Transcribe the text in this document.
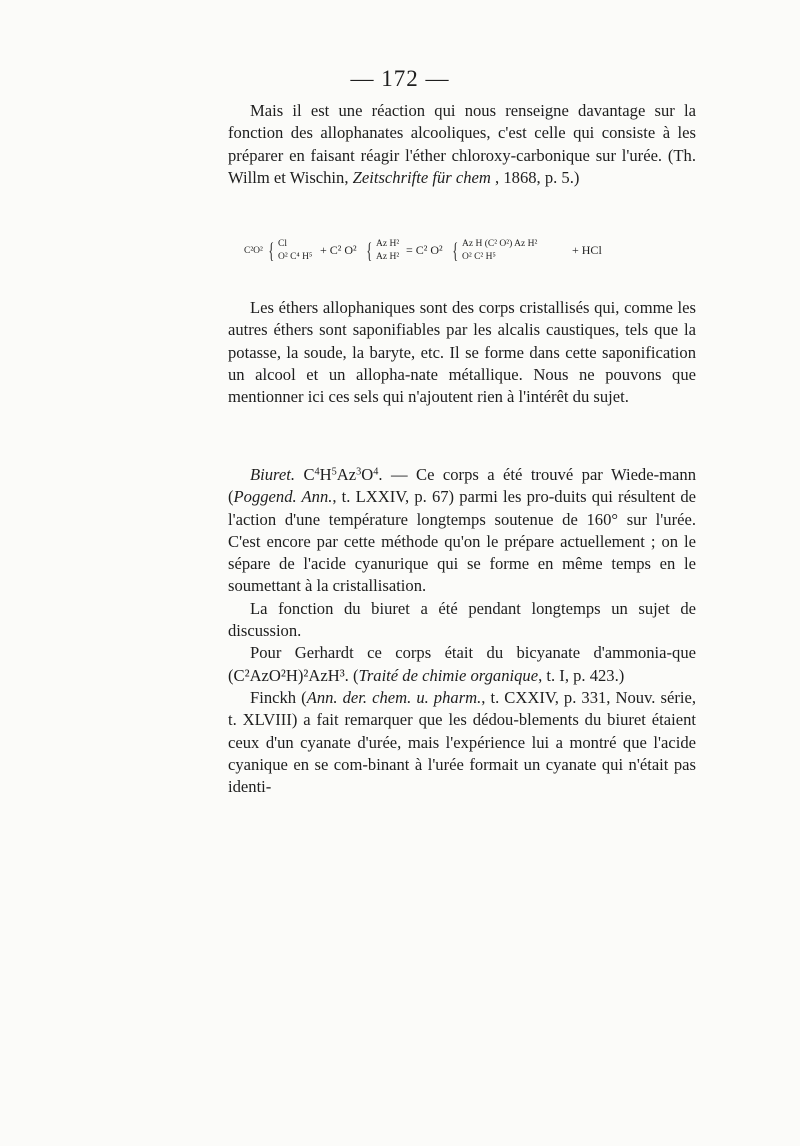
— 172 —

Mais il est une réaction qui nous renseigne davantage sur la fonction des allophanates alcooliques, c'est celle qui consiste à les préparer en faisant réagir l'éther chloroxy-carbonique sur l'urée. (Th. Willm et Wischin, Zeitschrifte für chem , 1868, p. 5.)

C²O² { Cl
O² C⁴ H⁵ + C² O² { Az H²
Az H² = C² O² { Az H (C² O²) Az H²
O² C² H⁵	+ HCl

Les éthers allophaniques sont des corps cristallisés qui, comme les autres éthers sont saponifiables par les alcalis caustiques, tels que la potasse, la soude, la baryte, etc. Il se forme dans cette saponification un alcool et un allopha-nate métallique. Nous ne pouvons que mentionner ici ces sels qui n'ajoutent rien à l'intérêt du sujet.

Biuret. $C^4H^5Az^3O^4$. — Ce corps a été trouvé par Wiede-mann (Poggend. Ann., t. LXXIV, p. 67) parmi les pro-duits qui résultent de l'action d'une température longtemps soutenue de 160° sur l'urée. C'est encore par cette méthode qu'on le prépare actuellement ; on le sépare de l'acide cyanurique qui se forme en même temps en le soumettant à la cristallisation.

La fonction du biuret a été pendant longtemps un sujet de discussion.

Pour Gerhardt ce corps était du bicyanate d'ammonia-que (C²AzO²H)²AzH³. (Traité de chimie organique, t. I, p. 423.)

Finckh (Ann. der. chem. u. pharm., t. CXXIV, p. 331, Nouv. série, t. XLVIII) a fait remarquer que les dédou-blements du biuret étaient ceux d'un cyanate d'urée, mais l'expérience lui a montré que l'acide cyanique en se com-binant à l'urée formait un cyanate qui n'était pas identi-
